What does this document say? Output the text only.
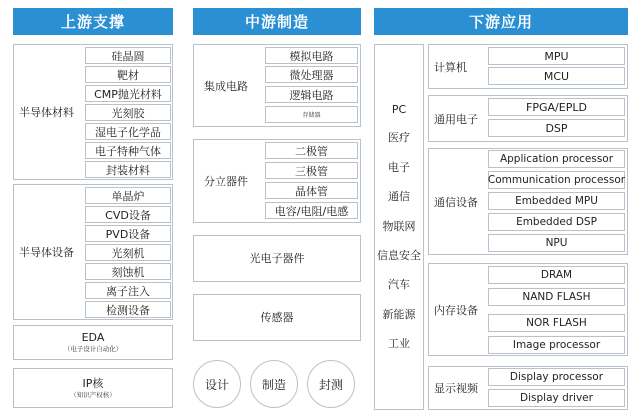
上游支撑	中游制造	下游应用
半导体材料
硅晶圆
靶材
CMP抛光材料
光刻胶
湿电子化学品
电子特种气体
封装材料
半导体设备
单晶炉
CVD设备
PVD设备
光刻机
刻蚀机
离子注入
检测设备
EDA
（电子设计自动化）
IP核
（知识产权核）
集成电路
模拟电路
微处理器
逻辑电路
存储器
分立器件
二极管
三极管
晶体管
电容/电阻/电感
光电子器件
传感器
设计	制造	封测
PC
医疗
电子
通信
物联网
信息安全
汽车
新能源
工业
计算机
MPU
MCU
通用电子
FPGA/EPLD
DSP
通信设备
Application processor
Communication processor
Embedded MPU
Embedded DSP
NPU
内存设备
DRAM
NAND FLASH
NOR FLASH
Image processor
显示视频
Display processor
Display driver
